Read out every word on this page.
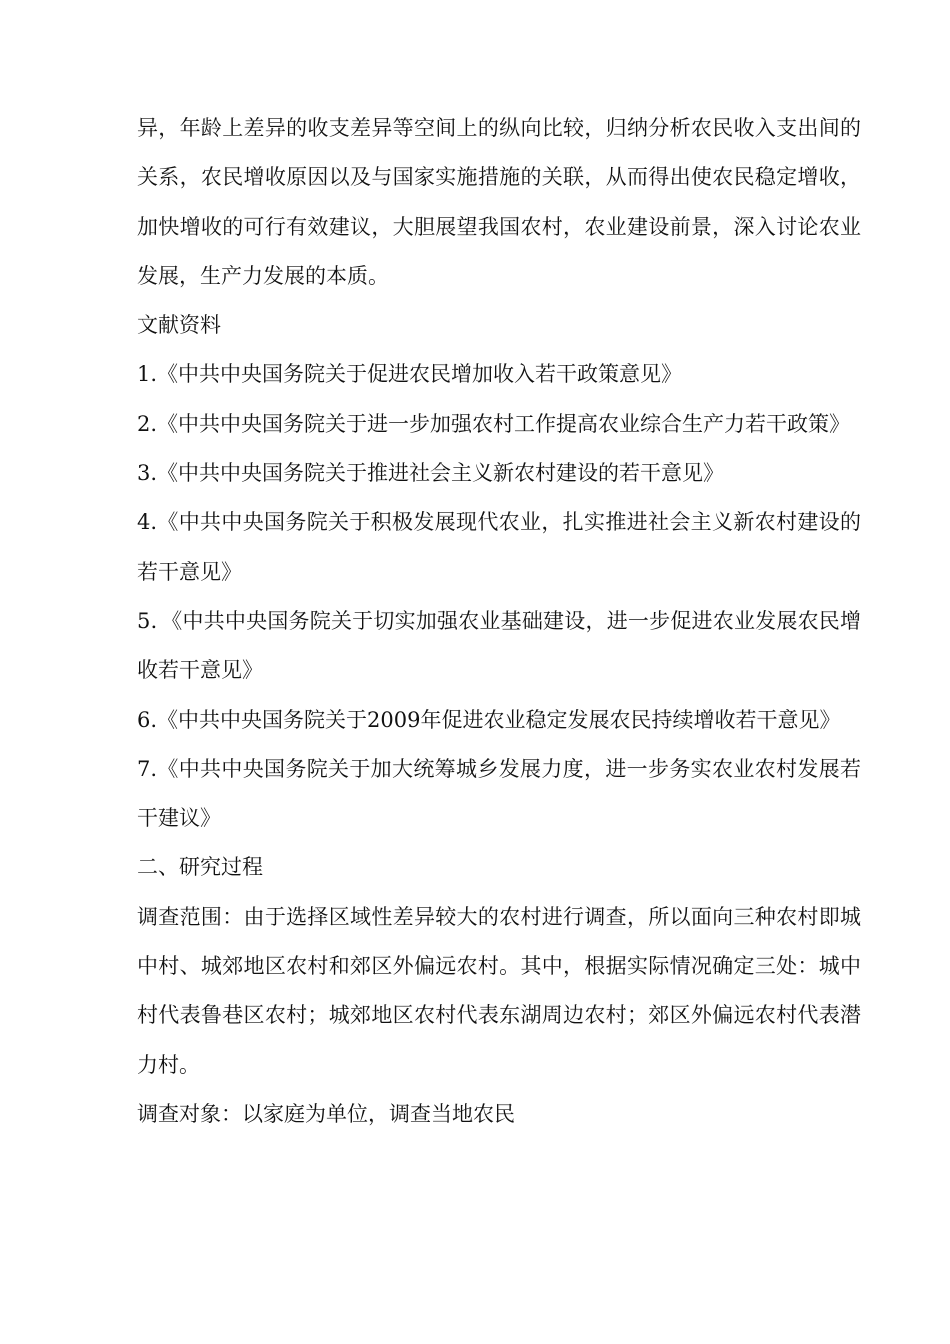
异，年龄上差异的收支差异等空间上的纵向比较，归纳分析农民收入支出间的关系，农民增收原因以及与国家实施措施的关联，从而得出使农民稳定增收，加快增收的可行有效建议，大胆展望我国农村，农业建设前景，深入讨论农业发展，生产力发展的本质。

文献资料

1.《中共中央国务院关于促进农民增加收入若干政策意见》

2.《中共中央国务院关于进一步加强农村工作提高农业综合生产力若干政策》

3.《中共中央国务院关于推进社会主义新农村建设的若干意见》

4.《中共中央国务院关于积极发展现代农业，扎实推进社会主义新农村建设的若干意见》

5．《中共中央国务院关于切实加强农业基础建设，进一步促进农业发展农民增收若干意见》

6.《中共中央国务院关于2009年促进农业稳定发展农民持续增收若干意见》

7.《中共中央国务院关于加大统筹城乡发展力度，进一步务实农业农村发展若干建议》

二、研究过程

调查范围：由于选择区域性差异较大的农村进行调查，所以面向三种农村即城中村、城郊地区农村和郊区外偏远农村。其中，根据实际情况确定三处：城中村代表鲁巷区农村；城郊地区农村代表东湖周边农村；郊区外偏远农村代表潜力村。

调查对象：以家庭为单位，调查当地农民
